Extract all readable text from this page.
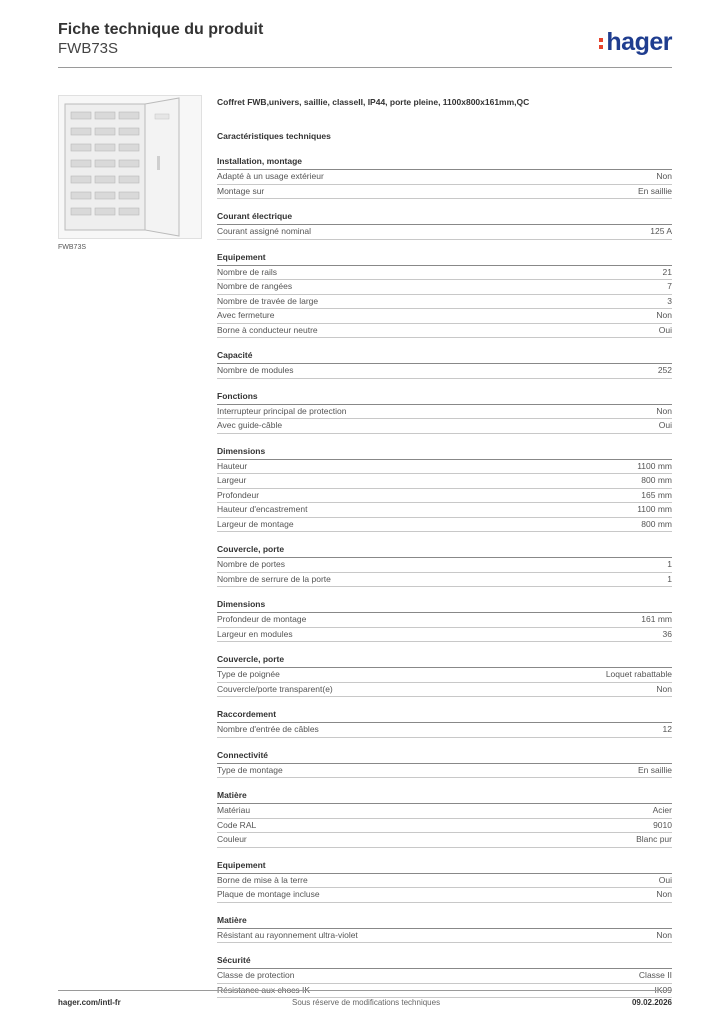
Fiche technique du produit
FWB73S	hager
FWB73S
Coffret FWB,univers, saillie, classeII, IP44, porte pleine, 1100x800x161mm,QC
Caractéristiques techniques
Installation, montage
Adapté à un usage extérieur	Non
Montage sur	En saillie
Courant électrique
Courant assigné nominal	125 A
Equipement
Nombre de rails	21
Nombre de rangées	7
Nombre de travée de large	3
Avec fermeture	Non
Borne à conducteur neutre	Oui
Capacité
Nombre de modules	252
Fonctions
Interrupteur principal de protection	Non
Avec guide-câble	Oui
Dimensions
Hauteur	1100 mm
Largeur	800 mm
Profondeur	165 mm
Hauteur d'encastrement	1100 mm
Largeur de montage	800 mm
Couvercle, porte
Nombre de portes	1
Nombre de serrure de la porte	1
Dimensions
Profondeur de montage	161 mm
Largeur en modules	36
Couvercle, porte
Type de poignée	Loquet rabattable
Couvercle/porte transparent(e)	Non
Raccordement
Nombre d'entrée de câbles	12
Connectivité
Type de montage	En saillie
Matière
Matériau	Acier
Code RAL	9010
Couleur	Blanc pur
Equipement
Borne de mise à la terre	Oui
Plaque de montage incluse	Non
Matière
Résistant au rayonnement ultra-violet	Non
Sécurité
Classe de protection	Classe II
Résistance aux chocs IK	IK09
hager.com/intl-fr	Sous réserve de modifications techniques	09.02.2026
